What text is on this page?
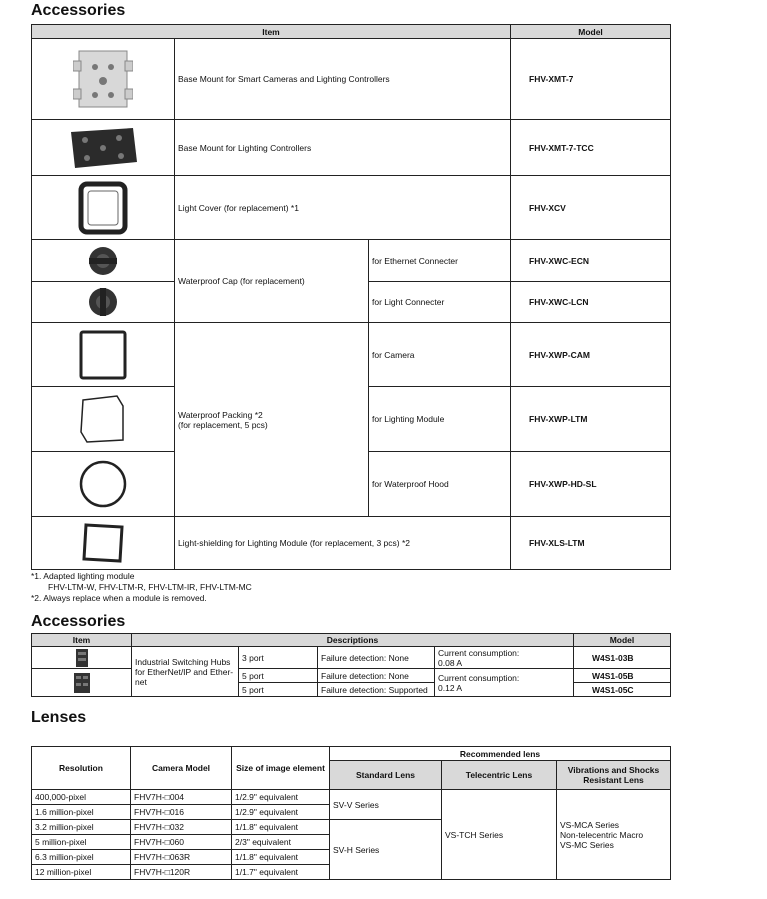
Accessories
Item			Model

	Base Mount for Smart Cameras and Lighting Controllers		FHV-XMT-7

	Base Mount for Lighting Controllers		FHV-XMT-7-TCC

	Light Cover (for replacement) *1		FHV-XCV

	Waterproof Cap (for replacement)	for Ethernet Connecter	FHV-XWC-ECN

	for Light Connecter	FHV-XWC-LCN

Waterproof Packing *2
(for replacement, 5 pcs)	for Camera	FHV-XWP-CAM

	for Lighting Module	FHV-XWP-LTM

	for Waterproof Hood	FHV-XWP-HD-SL

	Light-shielding for Lighting Module (for replacement, 3 pcs) *2		FHV-XLS-LTM
*1. Adapted lighting module
FHV-LTM-W, FHV-LTM-R, FHV-LTM-IR, FHV-LTM-MC
*2. Always replace when a module is removed.
Accessories
Item	Descriptions				Model

	Industrial Switching Hubs for EtherNet/IP and Ether-net	3 port	Failure detection: None	Current consumption:
0.08 A	W4S1-03B

	5 port	Failure detection: None	Current consumption:
0.12 A	W4S1-05B
		5 port	Failure detection: Supported		W4S1-05C
Lenses
Resolution	Camera Model	Size of image element	Recommended lens		
			Standard Lens	Telecentric Lens	Vibrations and Shocks
Resistant Lens

400,000-pixel	FHV7H-□004	1/2.9" equivalent	SV-V Series	VS-TCH Series	VS-MCA Series
Non-telecentric Macro
VS-MC Series

1.6 million-pixel	FHV7H-□016	1/2.9" equivalent			
3.2 million-pixel	FHV7H-□032	1/1.8" equivalent	SV-H Series		
5 million-pixel	FHV7H-□060	2/3" equivalent			
6.3 million-pixel	FHV7H-□063R	1/1.8" equivalent			
12 million-pixel	FHV7H-□120R	1/1.7" equivalent			
